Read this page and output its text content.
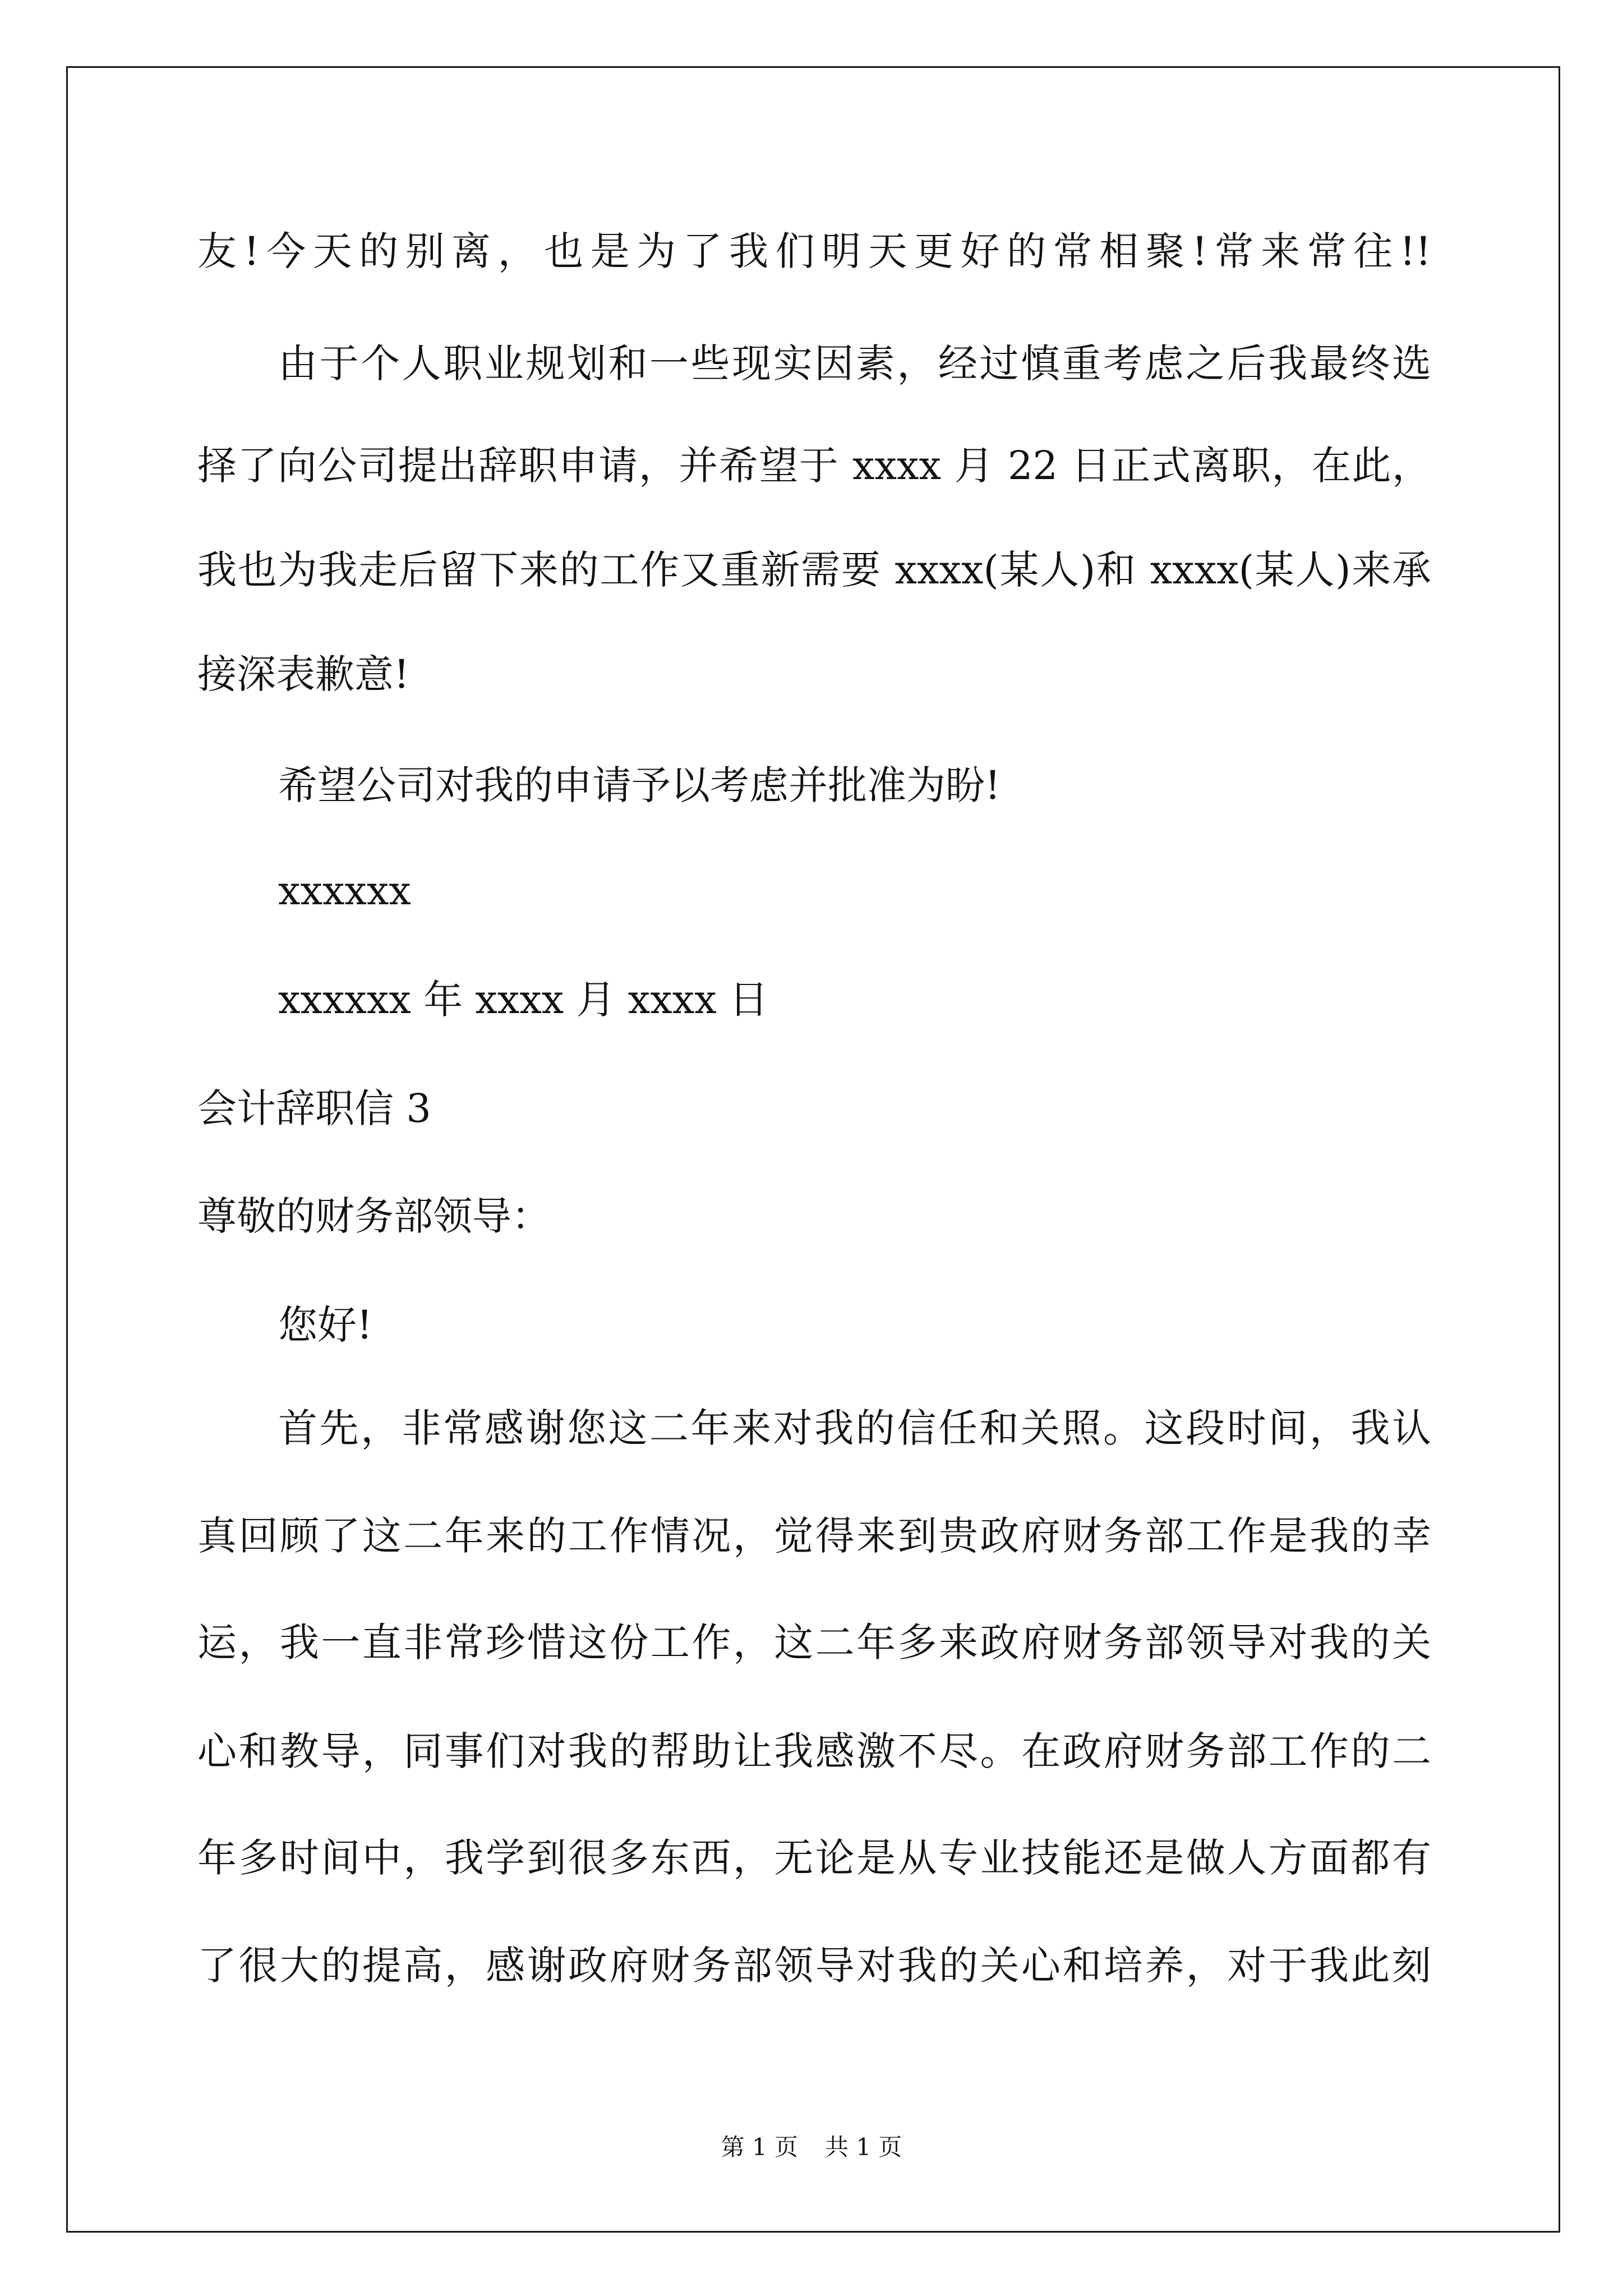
友!今天的别离，也是为了我们明天更好的常相聚!常来常往!!

由于个人职业规划和一些现实因素，经过慎重考虑之后我最终选

择了向公司提出辞职申请，并希望于 xxxx 月 22 日正式离职，在此，

我也为我走后留下来的工作又重新需要 xxxx(某人)和 xxxx(某人)来承

接深表歉意!

希望公司对我的申请予以考虑并批准为盼!

xxxxxx

xxxxxx 年 xxxx 月 xxxx 日

会计辞职信 3

尊敬的财务部领导：

您好!

首先，非常感谢您这二年来对我的信任和关照。这段时间，我认

真回顾了这二年来的工作情况，觉得来到贵政府财务部工作是我的幸

运，我一直非常珍惜这份工作，这二年多来政府财务部领导对我的关

心和教导，同事们对我的帮助让我感激不尽。在政府财务部工作的二

年多时间中，我学到很多东西，无论是从专业技能还是做人方面都有

了很大的提高，感谢政府财务部领导对我的关心和培养，对于我此刻

第 1 页 共 1 页
